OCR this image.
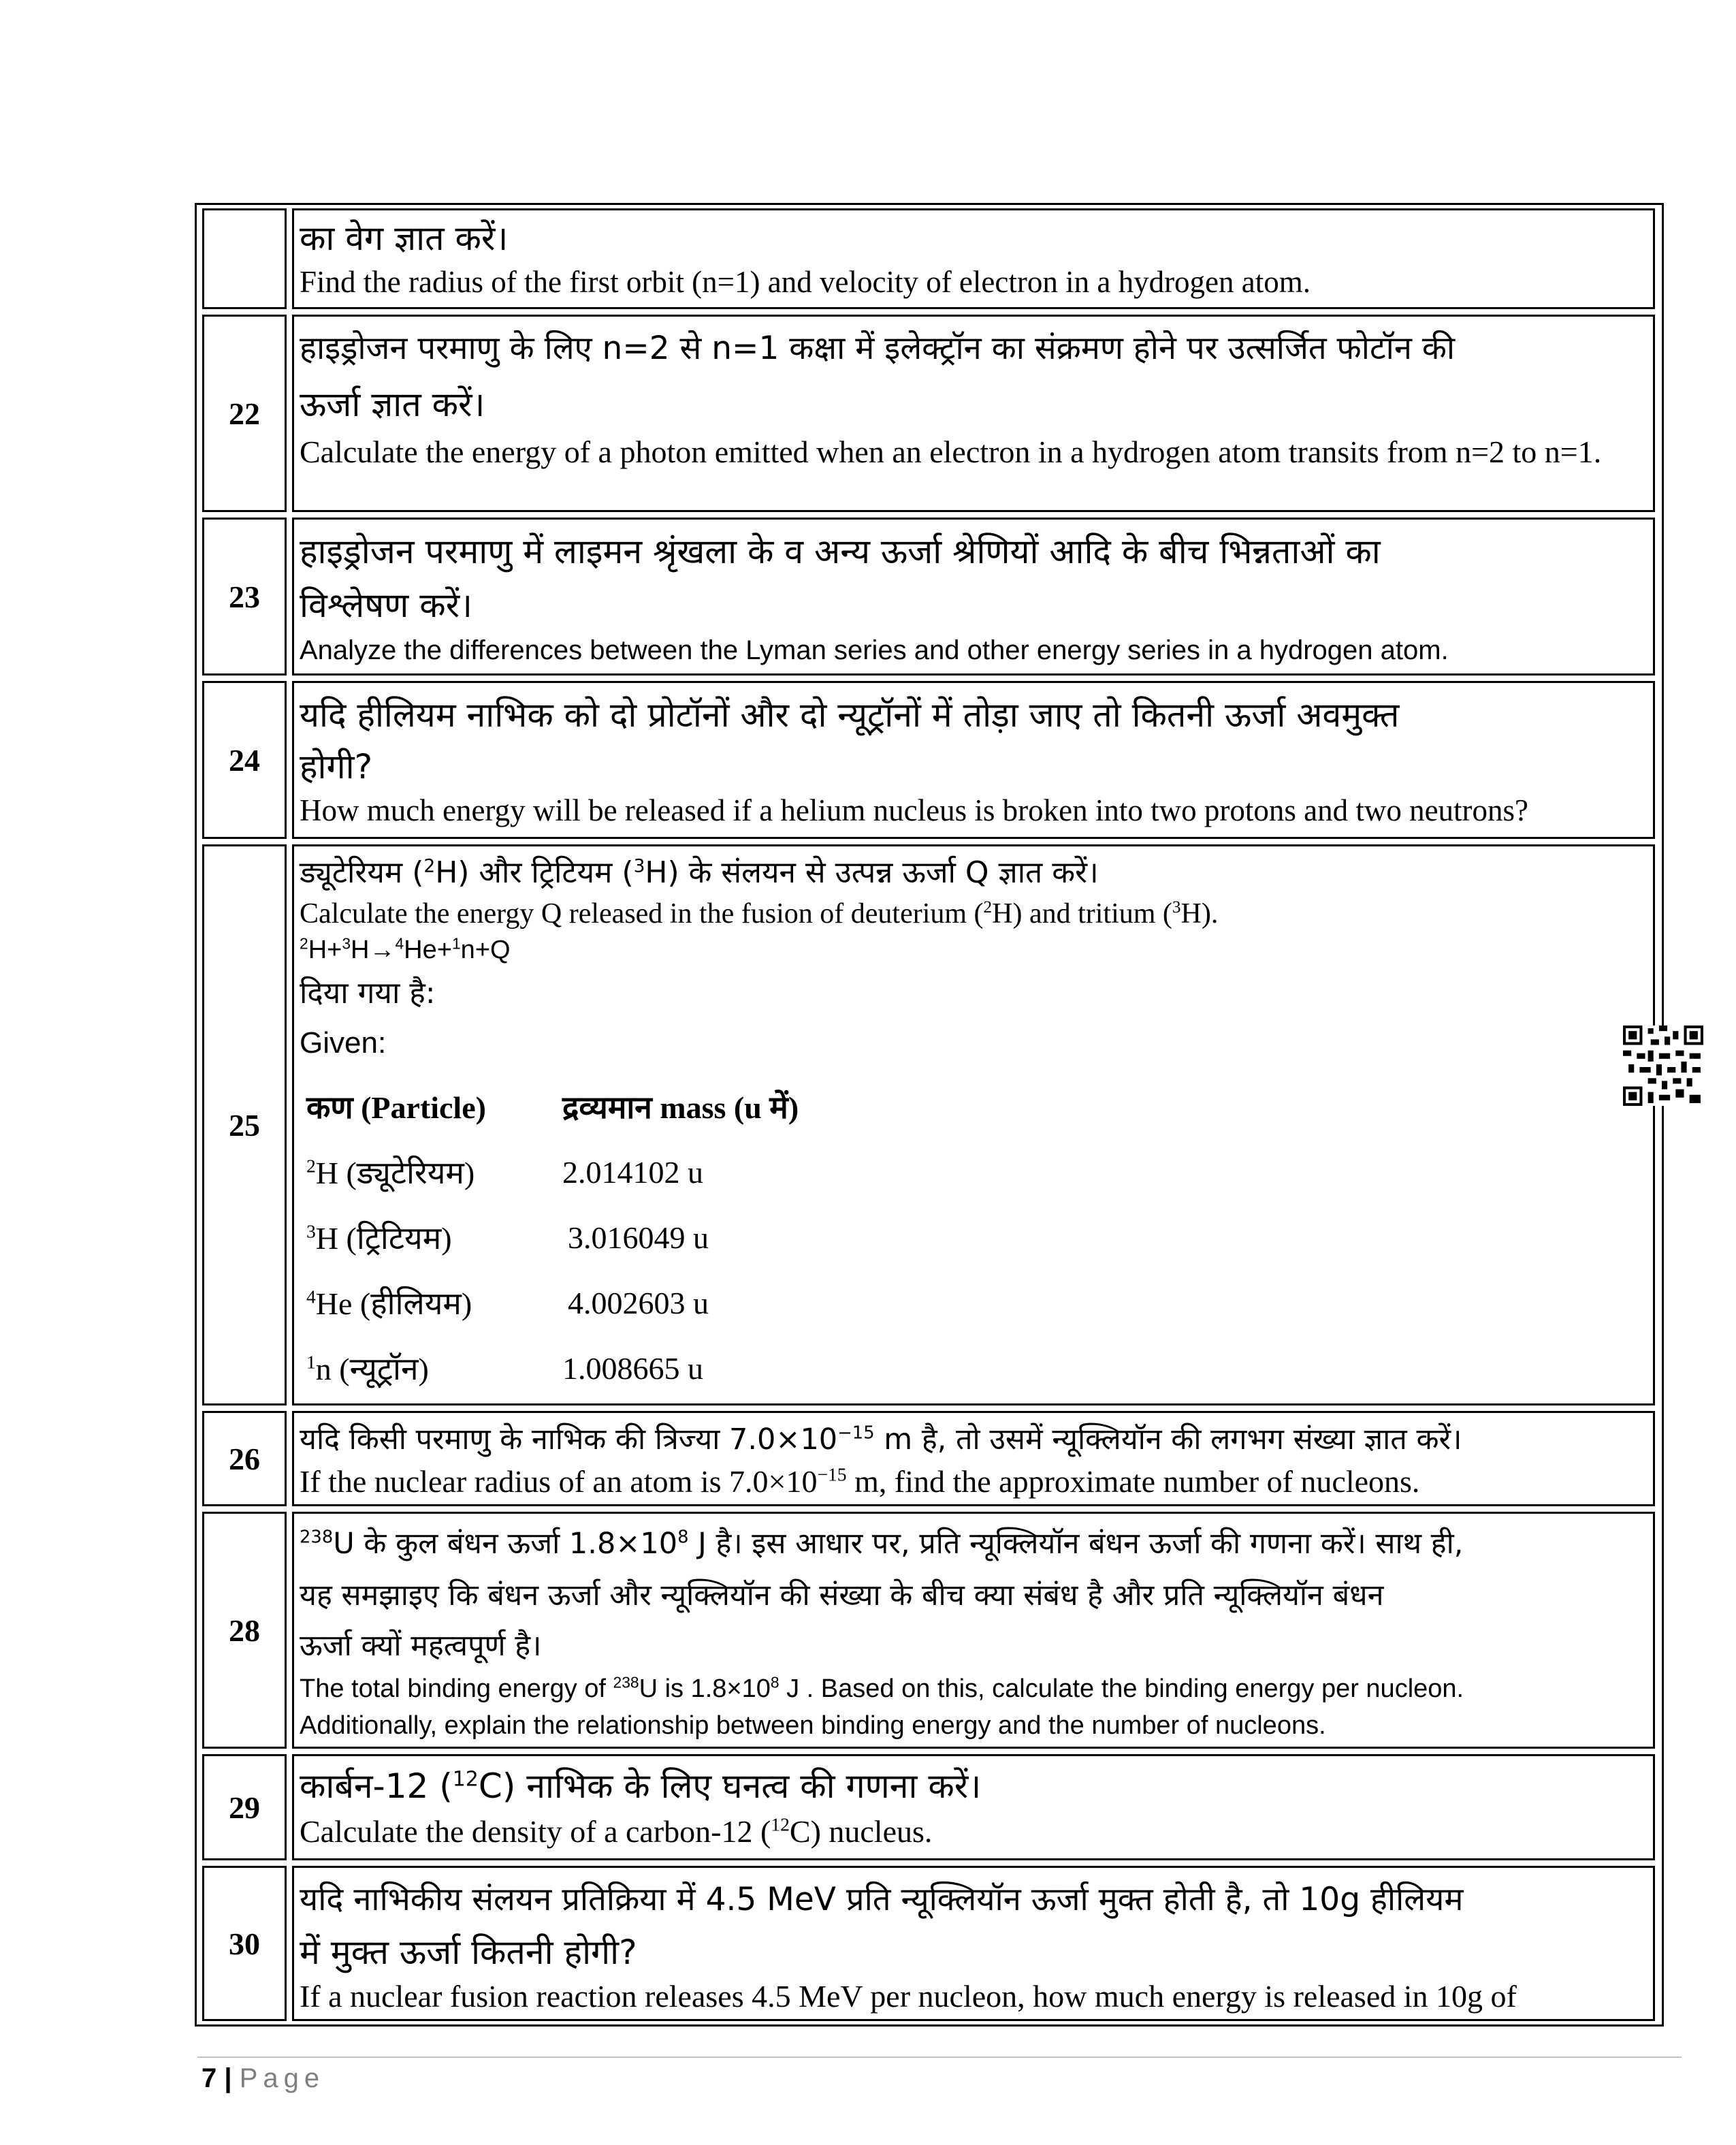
का वेग ज्ञात करें।
Find the radius of the first orbit (n=1) and velocity of electron in a hydrogen atom.
22
हाइड्रोजन परमाणु के लिए n=2 से n=1 कक्षा में इलेक्ट्रॉन का संक्रमण होने पर उत्सर्जित फोटॉन की
ऊर्जा ज्ञात करें।
Calculate the energy of a photon emitted when an electron in a hydrogen atom transits from n=2 to n=1.
23
हाइड्रोजन परमाणु में लाइमन श्रृंखला के व अन्य ऊर्जा श्रेणियों आदि के बीच भिन्नताओं का
विश्लेषण करें।
Analyze the differences between the Lyman series and other energy series in a hydrogen atom.
24
यदि हीलियम नाभिक को दो प्रोटॉनों और दो न्यूट्रॉनों में तोड़ा जाए तो कितनी ऊर्जा अवमुक्त
होगी?
How much energy will be released if a helium nucleus is broken into two protons and two neutrons?
25
ड्यूटेरियम ($^2$H) और ट्रिटियम ($^3$H) के संलयन से उत्पन्न ऊर्जा Q ज्ञात करें।
Calculate the energy Q released in the fusion of deuterium ($^2$H) and tritium ($^3$H).
$^2$H+$^3$H→$^4$He+$^1$n+Q
दिया गया है:
Given:
कण (Particle)	द्रव्यमान mass (u में)
$^2$H (ड्यूटेरियम)	2.014102 u
$^3$H (ट्रिटियम)	3.016049 u
$^4$He (हीलियम)	4.002603 u
$^1$n (न्यूट्रॉन)	1.008665 u
26
यदि किसी परमाणु के नाभिक की त्रिज्या $7.0\times 10^{-15}$ m है, तो उसमें न्यूक्लियॉन की लगभग संख्या ज्ञात करें।
If the nuclear radius of an atom is $7.0\times 10^{-15}$ m, find the approximate number of nucleons.
28
$^{238}$U के कुल बंधन ऊर्जा $1.8\times 10^8$ J है। इस आधार पर, प्रति न्यूक्लियॉन बंधन ऊर्जा की गणना करें। साथ ही,
यह समझाइए कि बंधन ऊर्जा और न्यूक्लियॉन की संख्या के बीच क्या संबंध है और प्रति न्यूक्लियॉन बंधन
ऊर्जा क्यों महत्वपूर्ण है।
The total binding energy of $^{238}$U is $1.8\times 10^8$ J . Based on this, calculate the binding energy per nucleon.
Additionally, explain the relationship between binding energy and the number of nucleons.
29
कार्बन-12 ($^{12}$C) नाभिक के लिए घनत्व की गणना करें।
Calculate the density of a carbon-12 ($^{12}$C) nucleus.
30
यदि नाभिकीय संलयन प्रतिक्रिया में 4.5 MeV प्रति न्यूक्लियॉन ऊर्जा मुक्त होती है, तो 10g हीलियम
में मुक्त ऊर्जा कितनी होगी?
If a nuclear fusion reaction releases 4.5 MeV per nucleon, how much energy is released in 10g of
7 | Page
